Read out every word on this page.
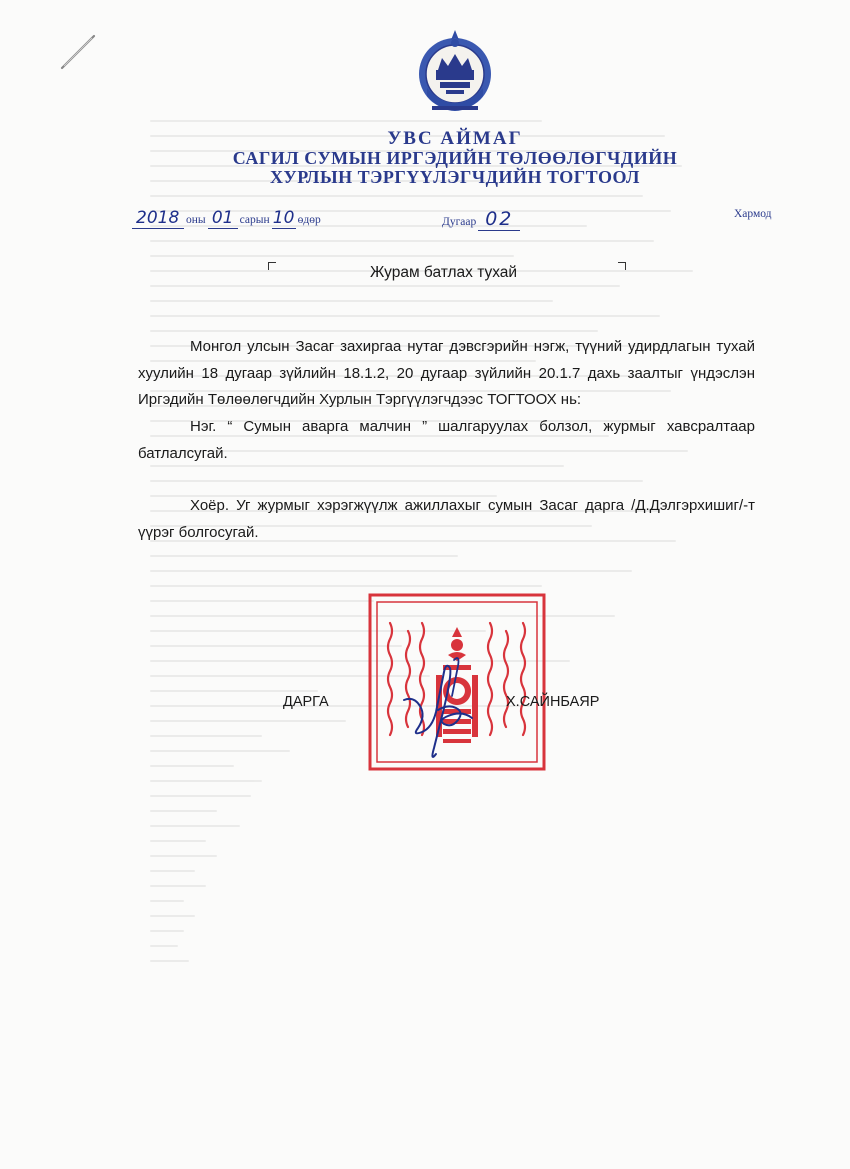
УВС АЙМАГ
САГИЛ СУМЫН ИРГЭДИЙН ТӨЛӨӨЛӨГЧДИЙН
ХУРЛЫН ТЭРГҮҮЛЭГЧДИЙН ТОГТООЛ
2018 оны 01 сарын 10 өдөр	Дугаар 02	Хармод
Журам батлах тухай
Монгол улсын Засаг захиргаа нутаг дэвсгэрийн нэгж, түүний удирдлагын тухай хуулийн 18 дугаар зүйлийн 18.1.2, 20 дугаар зүйлийн 20.1.7 дахь заалтыг үндэслэн Иргэдийн Төлөөлөгчдийн Хурлын Тэргүүлэгчдээс ТОГТООХ нь:
Нэг. “ Сумын аварга малчин ” шалгаруулах болзол, журмыг хавсралтаар батлалсугай.
Хоёр. Уг журмыг хэрэгжүүлж ажиллахыг сумын Засаг дарга /Д.Дэлгэрхишиг/-т үүрэг болгосугай.
ДАРГА	Х.САЙНБАЯР
